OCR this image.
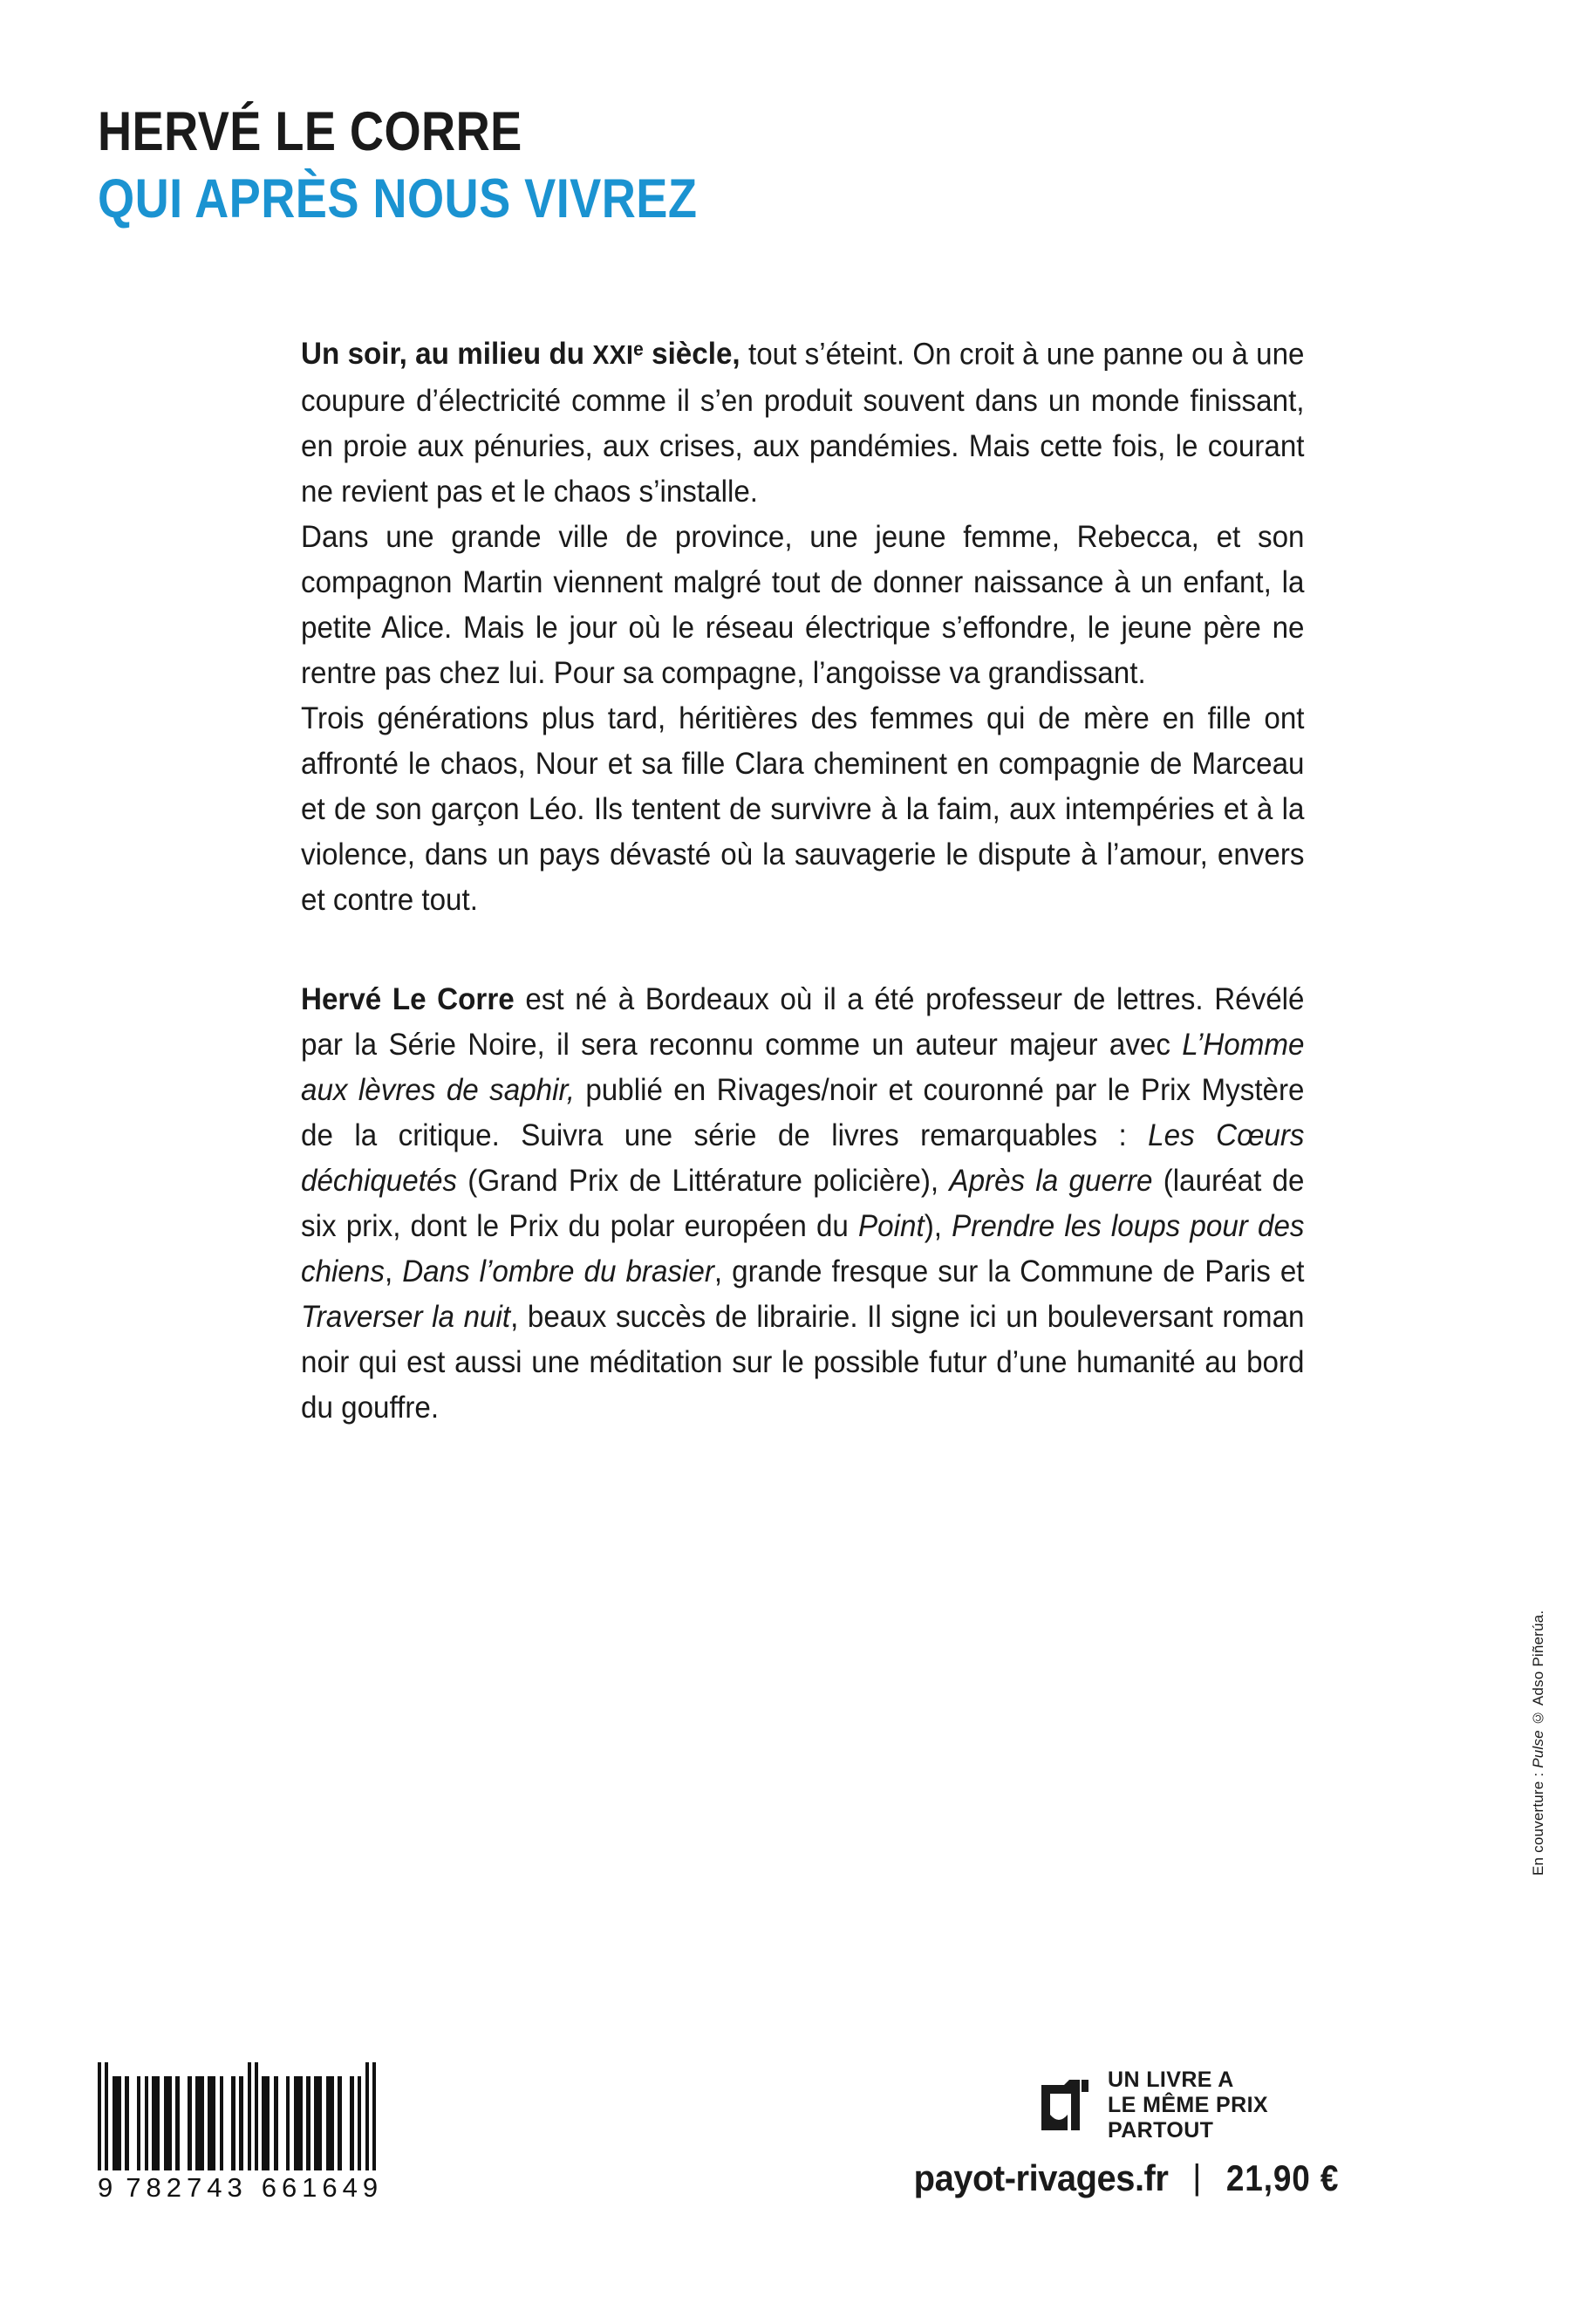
HERVÉ LE CORRE
QUI APRÈS NOUS VIVREZ

Un soir, au milieu du XXIe siècle, tout s’éteint. On croit à une panne ou à une coupure d’électricité comme il s’en produit souvent dans un monde finissant, en proie aux pénuries, aux crises, aux pandémies. Mais cette fois, le courant ne revient pas et le chaos s’installe.

Dans une grande ville de province, une jeune femme, Rebecca, et son compagnon Martin viennent malgré tout de donner naissance à un enfant, la petite Alice. Mais le jour où le réseau électrique s’effondre, le jeune père ne rentre pas chez lui. Pour sa compagne, l’angoisse va grandissant.

Trois générations plus tard, héritières des femmes qui de mère en fille ont affronté le chaos, Nour et sa fille Clara cheminent en compagnie de Marceau et de son garçon Léo. Ils tentent de survivre à la faim, aux intempéries et à la violence, dans un pays dévasté où la sauvagerie le dispute à l’amour, envers et contre tout.

Hervé Le Corre est né à Bordeaux où il a été professeur de lettres. Révélé par la Série Noire, il sera reconnu comme un auteur majeur avec L’Homme aux lèvres de saphir, publié en Rivages/noir et couronné par le Prix Mystère de la critique. Suivra une série de livres remarquables : Les Cœurs déchiquetés (Grand Prix de Littérature policière), Après la guerre (lauréat de six prix, dont le Prix du polar européen du Point), Prendre les loups pour des chiens, Dans l’ombre du brasier, grande fresque sur la Commune de Paris et Traverser la nuit, beaux succès de librairie. Il signe ici un bouleversant roman noir qui est aussi une méditation sur le possible futur d’une humanité au bord du gouffre.

En couverture : Pulse © Adso Piñerúa.
9 782743 661649
UN LIVRE A
LE MÊME PRIX
PARTOUT
payot-rivages.fr | 21,90 €
